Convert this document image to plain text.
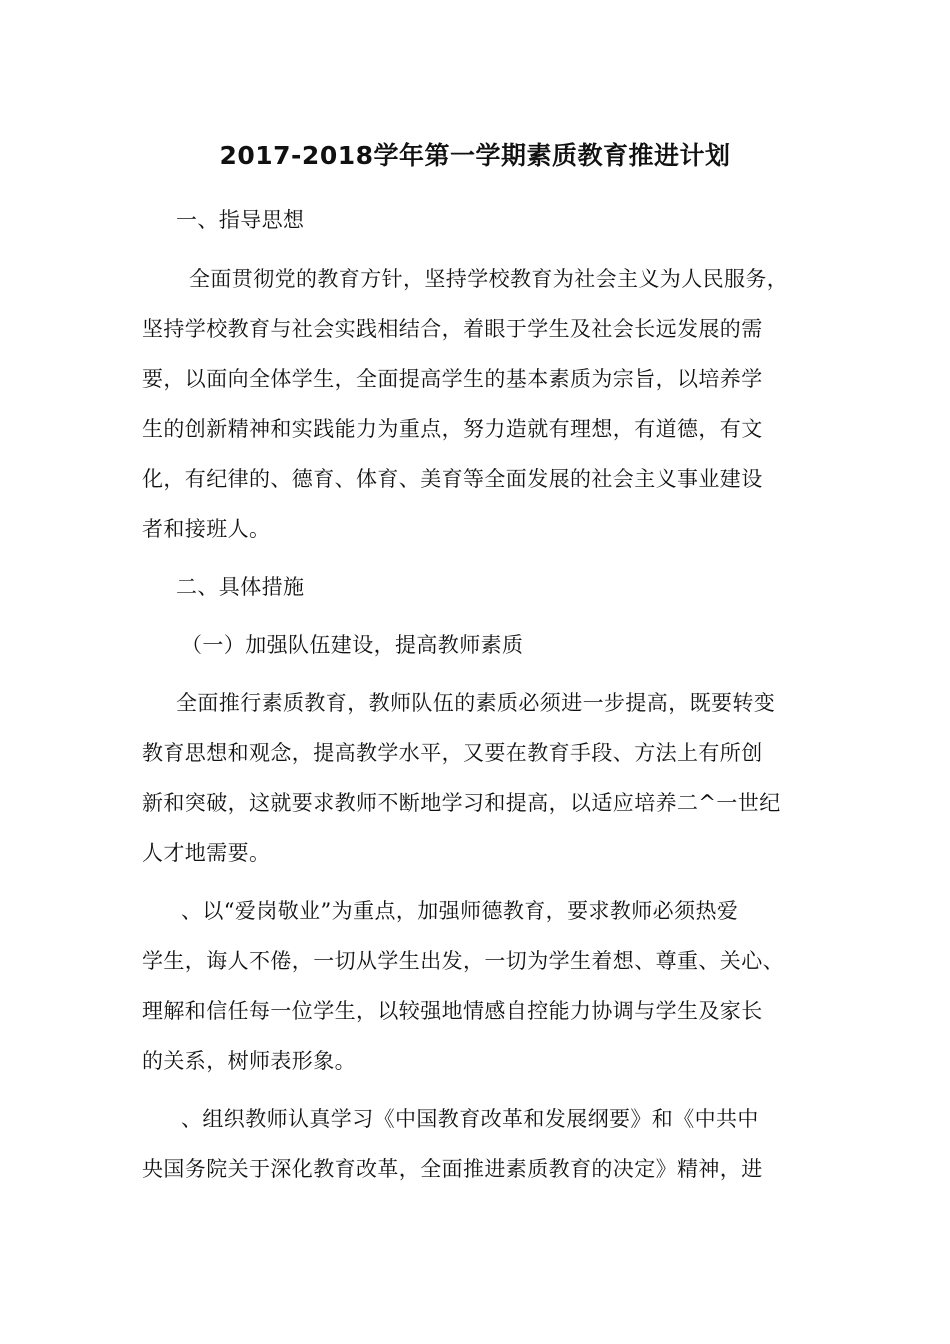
2017-2018学年第一学期素质教育推进计划
一、指导思想
全面贯彻党的教育方针，坚持学校教育为社会主义为人民服务，
坚持学校教育与社会实践相结合，着眼于学生及社会长远发展的需
要，以面向全体学生，全面提高学生的基本素质为宗旨，以培养学
生的创新精神和实践能力为重点，努力造就有理想，有道德，有文
化，有纪律的、德育、体育、美育等全面发展的社会主义事业建设
者和接班人。
二、具体措施
（一）加强队伍建设，提高教师素质
全面推行素质教育，教师队伍的素质必须进一步提高，既要转变
教育思想和观念，提高教学水平，又要在教育手段、方法上有所创
新和突破，这就要求教师不断地学习和提高，以适应培养二^一世纪
人才地需要。
、以“爱岗敬业”为重点，加强师德教育，要求教师必须热爱
学生，诲人不倦，一切从学生出发，一切为学生着想、尊重、关心、
理解和信任每一位学生，以较强地情感自控能力协调与学生及家长
的关系，树师表形象。
、组织教师认真学习《中国教育改革和发展纲要》和《中共中
央国务院关于深化教育改革，全面推进素质教育的决定》精神，进
